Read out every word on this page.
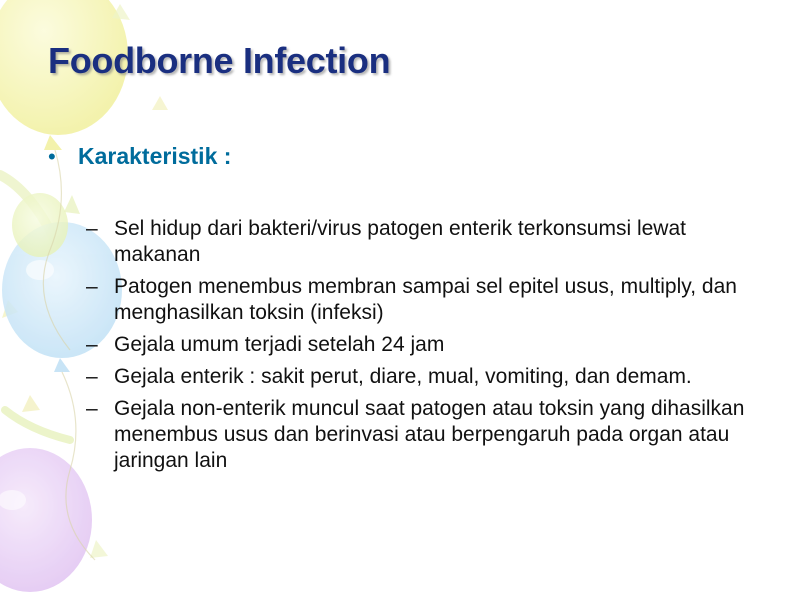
Foodborne Infection
• Karakteristik :
– Sel hidup dari bakteri/virus patogen enterik terkonsumsi lewat makanan
– Patogen menembus membran sampai sel epitel usus, multiply, dan menghasilkan toksin (infeksi)
– Gejala umum terjadi setelah 24 jam
– Gejala enterik : sakit perut, diare, mual, vomiting, dan demam.
– Gejala non-enterik muncul saat patogen atau toksin yang dihasilkan menembus usus dan berinvasi atau berpengaruh pada organ atau jaringan lain
